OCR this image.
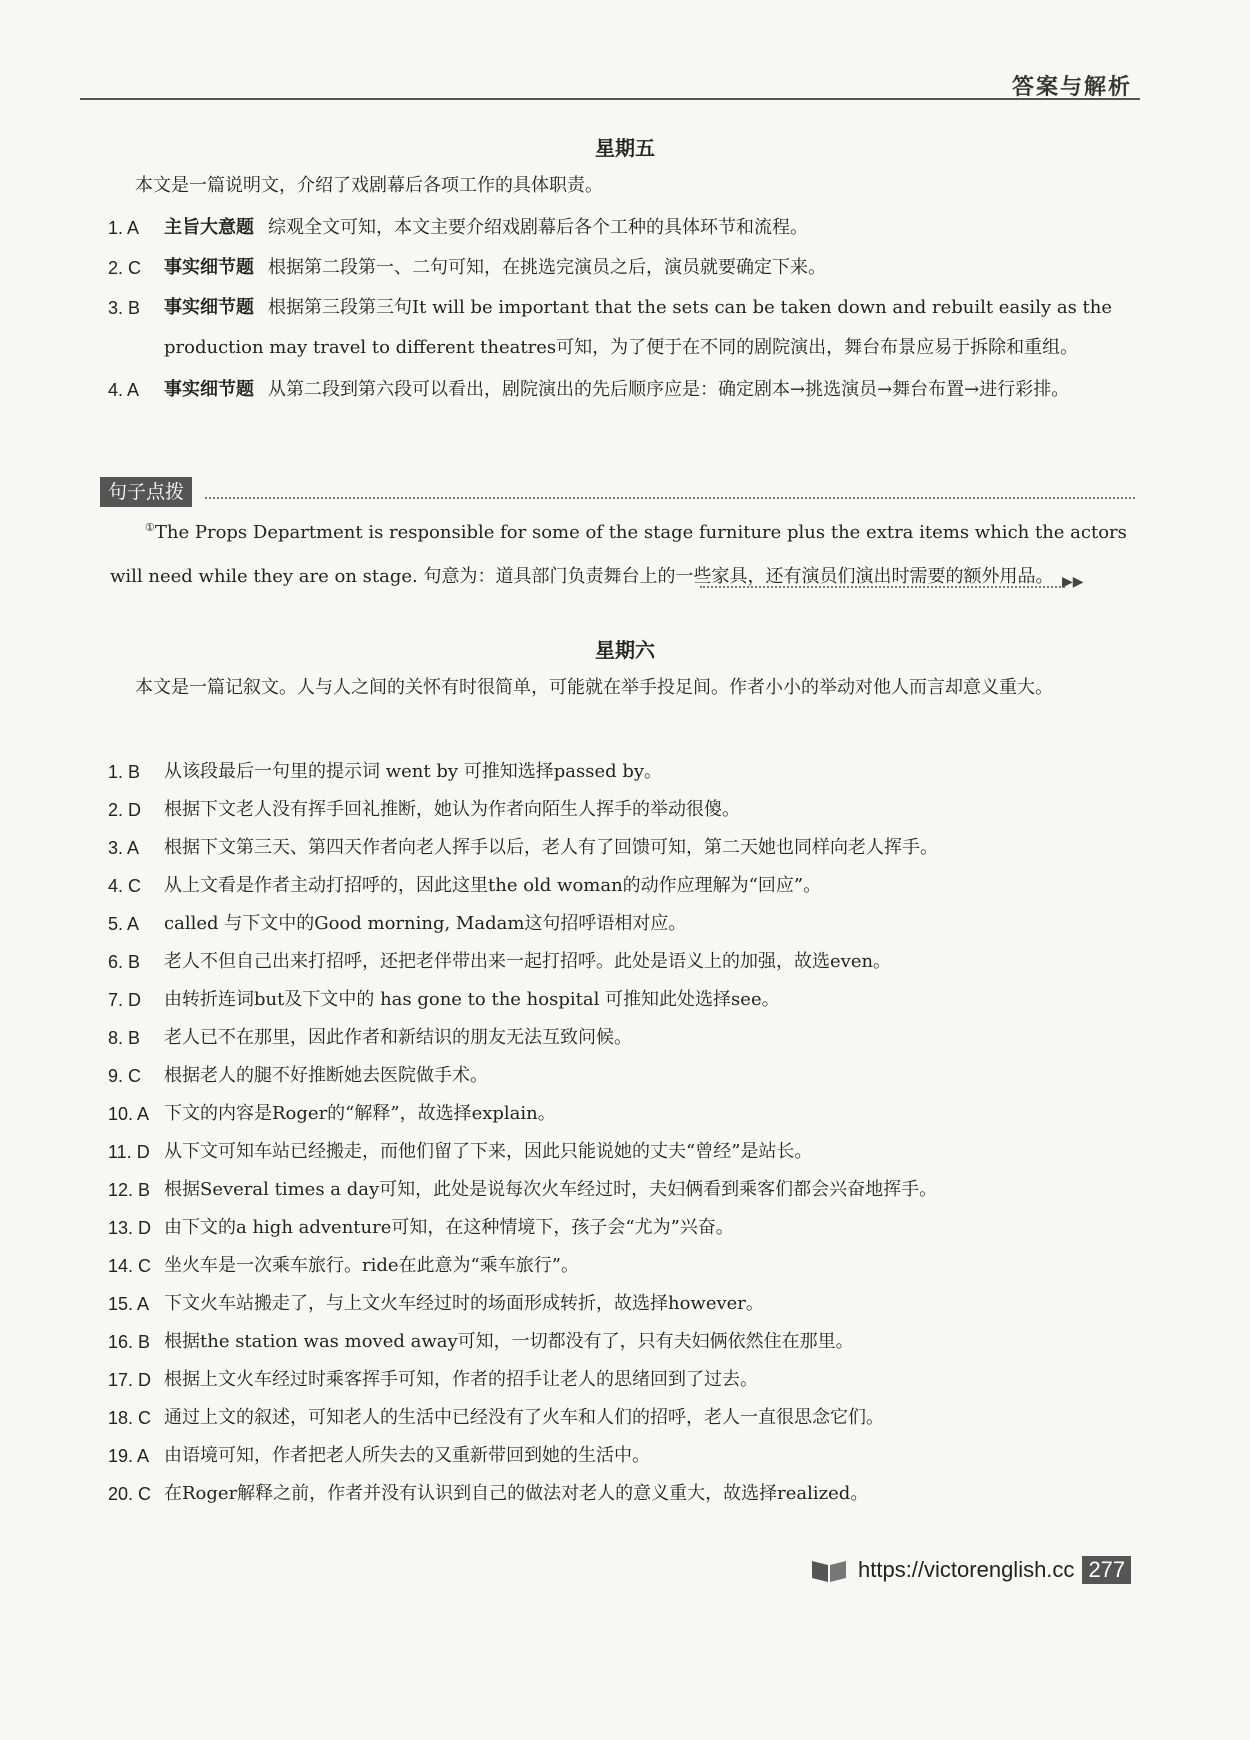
答案与解析
星期五
本文是一篇说明文，介绍了戏剧幕后各项工作的具体职责。
1. A	主旨大意题 综观全文可知，本文主要介绍戏剧幕后各个工种的具体环节和流程。
2. C	事实细节题 根据第二段第一、二句可知，在挑选完演员之后，演员就要确定下来。
3. B	事实细节题 根据第三段第三句It will be important that the sets can be taken down and rebuilt easily as the production may travel to different theatres可知，为了便于在不同的剧院演出，舞台布景应易于拆除和重组。
4. A	事实细节题 从第二段到第六段可以看出，剧院演出的先后顺序应是：确定剧本→挑选演员→舞台布置→进行彩排。
句子点拨
①The Props Department is responsible for some of the stage furniture plus the extra items which the actors will need while they are on stage. 句意为：道具部门负责舞台上的一些家具，还有演员们演出时需要的额外用品。 ▶▶
星期六
本文是一篇记叙文。人与人之间的关怀有时很简单，可能就在举手投足间。作者小小的举动对他人而言却意义重大。
1. B	从该段最后一句里的提示词 went by 可推知选择passed by。
2. D	根据下文老人没有挥手回礼推断，她认为作者向陌生人挥手的举动很傻。
3. A	根据下文第三天、第四天作者向老人挥手以后，老人有了回馈可知，第二天她也同样向老人挥手。
4. C	从上文看是作者主动打招呼的，因此这里the old woman的动作应理解为“回应”。
5. A	called 与下文中的Good morning, Madam这句招呼语相对应。
6. B	老人不但自己出来打招呼，还把老伴带出来一起打招呼。此处是语义上的加强，故选even。
7. D	由转折连词but及下文中的 has gone to the hospital 可推知此处选择see。
8. B	老人已不在那里，因此作者和新结识的朋友无法互致问候。
9. C	根据老人的腿不好推断她去医院做手术。
10. A 下文的内容是Roger的“解释”，故选择explain。
11. D 从下文可知车站已经搬走，而他们留了下来，因此只能说她的丈夫“曾经”是站长。
12. B 根据Several times a day可知，此处是说每次火车经过时，夫妇俩看到乘客们都会兴奋地挥手。
13. D 由下文的a high adventure可知，在这种情境下，孩子会“尤为”兴奋。
14. C 坐火车是一次乘车旅行。ride在此意为“乘车旅行”。
15. A 下文火车站搬走了，与上文火车经过时的场面形成转折，故选择however。
16. B 根据the station was moved away可知，一切都没有了，只有夫妇俩依然住在那里。
17. D 根据上文火车经过时乘客挥手可知，作者的招手让老人的思绪回到了过去。
18. C 通过上文的叙述，可知老人的生活中已经没有了火车和人们的招呼，老人一直很思念它们。
19. A 由语境可知，作者把老人所失去的又重新带回到她的生活中。
20. C 在Roger解释之前，作者并没有认识到自己的做法对老人的意义重大，故选择realized。
https://victorenglish.cc 277
